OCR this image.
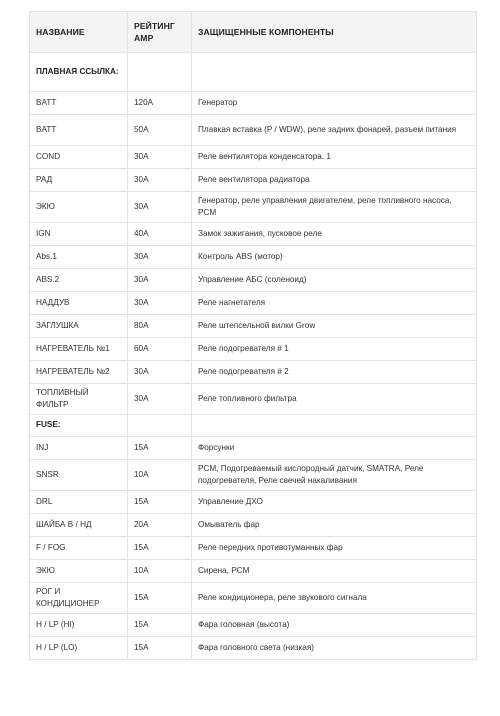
НАЗВАНИЕ	РЕЙТИНГ AMP	ЗАЩИЩЕННЫЕ КОМПОНЕНТЫ
ПЛАВНАЯ ССЫЛКА:		
BATT	120A	Генератор
BATT	50A	Плавкая вставка (P / WDW), реле задних фонарей, разъем питания
COND	30A	Реле вентилятора конденсатора. 1
РАД	30A	Реле вентилятора радиатора
ЭКЮ	30A	Генератор, реле управления двигателем, реле топливного насоса, PCM
IGN	40A	Замок зажигания, пусковое реле
Abs.1	30A	Контроль ABS (мотор)
ABS.2	30A	Управление АБС (соленоид)
НАДДУВ	30A	Реле нагнетателя
ЗАГЛУШКА	80A	Реле штепсельной вилки Grow
НАГРЕВАТЕЛЬ №1	60A	Реле подогревателя # 1
НАГРЕВАТЕЛЬ №2	30A	Реле подогревателя # 2
ТОПЛИВНЫЙ ФИЛЬТР	30A	Реле топливного фильтра
FUSE:		
INJ	15A	Форсунки
SNSR	10A	PCM, Подогреваемый кислородный датчик, SMATRA, Реле подогревателя, Реле свечей накаливания
DRL	15A	Управление ДХО
ШАЙБА В / НД	20A	Омыватель фар
F / FOG	15A	Реле передних противотуманных фар
ЭКЮ	10A	Сирена, PCM
РОГ И КОНДИЦИОНЕР	15A	Реле кондиционера, реле звукового сигнала
H / LP (HI)	15A	Фара головная (высота)
H / LP (LO)	15A	Фара головного света (низкая)
